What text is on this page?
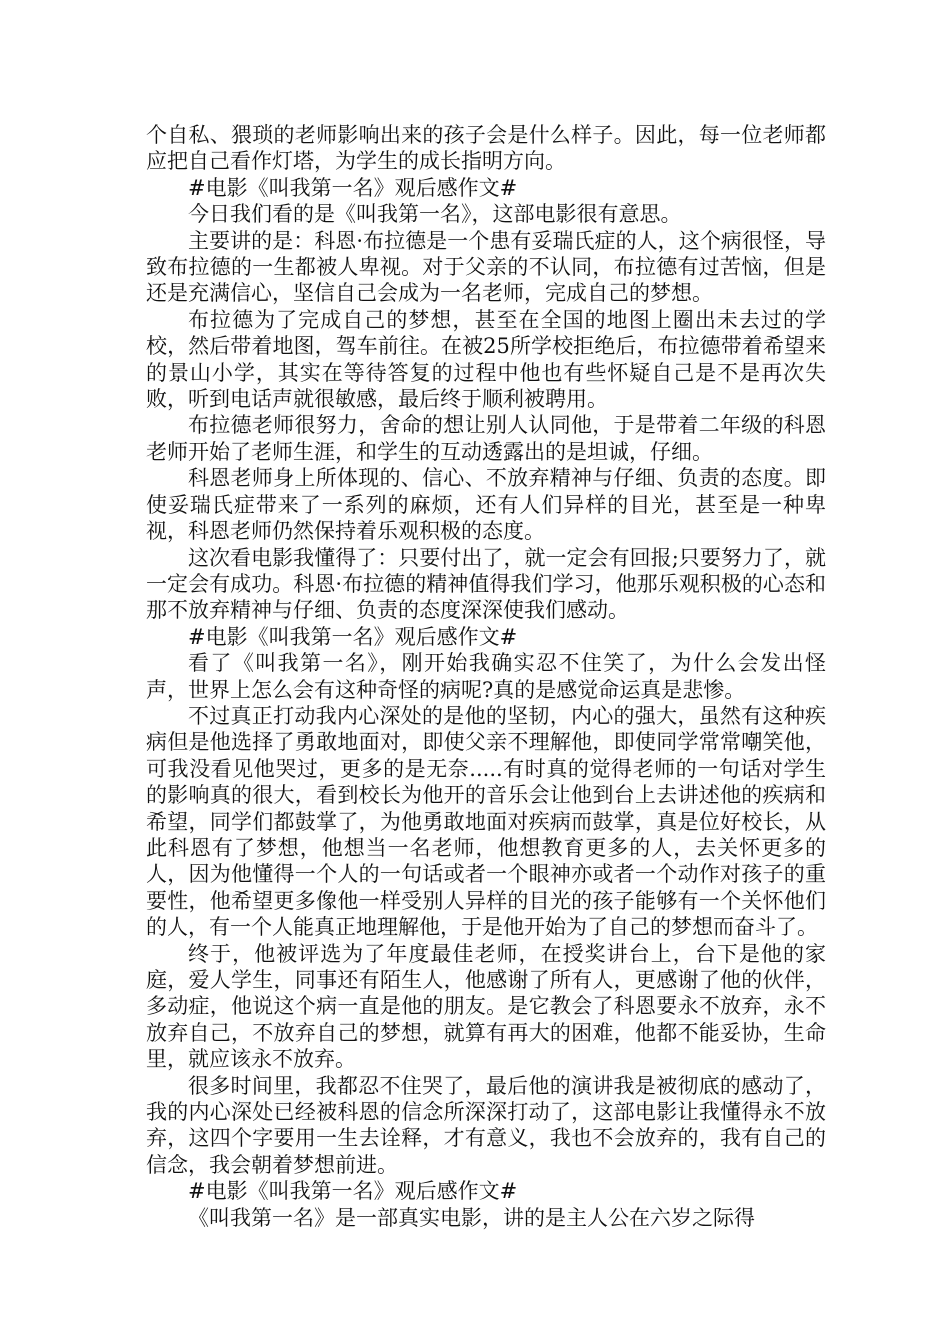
个自私、猥琐的老师影响出来的孩子会是什么样子。因此，每一位老师都应把自己看作灯塔，为学生的成长指明方向。

#电影《叫我第一名》观后感作文#

今日我们看的是《叫我第一名》，这部电影很有意思。

主要讲的是：科恩·布拉德是一个患有妥瑞氏症的人，这个病很怪，导致布拉德的一生都被人卑视。对于父亲的不认同，布拉德有过苦恼，但是还是充满信心，坚信自己会成为一名老师，完成自己的梦想。

布拉德为了完成自己的梦想，甚至在全国的地图上圈出未去过的学校，然后带着地图，驾车前往。在被25所学校拒绝后，布拉德带着希望来的景山小学，其实在等待答复的过程中他也有些怀疑自己是不是再次失败，听到电话声就很敏感，最后终于顺利被聘用。

布拉德老师很努力，舍命的想让别人认同他，于是带着二年级的科恩老师开始了老师生涯，和学生的互动透露出的是坦诚，仔细。

科恩老师身上所体现的、信心、不放弃精神与仔细、负责的态度。即使妥瑞氏症带来了一系列的麻烦，还有人们异样的目光，甚至是一种卑视，科恩老师仍然保持着乐观积极的态度。

这次看电影我懂得了：只要付出了，就一定会有回报;只要努力了，就一定会有成功。科恩·布拉德的精神值得我们学习，他那乐观积极的心态和那不放弃精神与仔细、负责的态度深深使我们感动。

#电影《叫我第一名》观后感作文#

看了《叫我第一名》，刚开始我确实忍不住笑了，为什么会发出怪声，世界上怎么会有这种奇怪的病呢?真的是感觉命运真是悲惨。

不过真正打动我内心深处的是他的坚韧，内心的强大，虽然有这种疾病但是他选择了勇敢地面对，即使父亲不理解他，即使同学常常嘲笑他，可我没看见他哭过，更多的是无奈.....有时真的觉得老师的一句话对学生的影响真的很大，看到校长为他开的音乐会让他到台上去讲述他的疾病和希望，同学们都鼓掌了，为他勇敢地面对疾病而鼓掌，真是位好校长，从此科恩有了梦想，他想当一名老师，他想教育更多的人，去关怀更多的人，因为他懂得一个人的一句话或者一个眼神亦或者一个动作对孩子的重要性，他希望更多像他一样受别人异样的目光的孩子能够有一个关怀他们的人，有一个人能真正地理解他，于是他开始为了自己的梦想而奋斗了。

终于，他被评选为了年度最佳老师，在授奖讲台上，台下是他的家庭，爱人学生，同事还有陌生人，他感谢了所有人，更感谢了他的伙伴，多动症，他说这个病一直是他的朋友。是它教会了科恩要永不放弃，永不放弃自己，不放弃自己的梦想，就算有再大的困难，他都不能妥协，生命里，就应该永不放弃。

很多时间里，我都忍不住哭了，最后他的演讲我是被彻底的感动了，我的内心深处已经被科恩的信念所深深打动了，这部电影让我懂得永不放弃，这四个字要用一生去诠释，才有意义，我也不会放弃的，我有自己的信念，我会朝着梦想前进。

#电影《叫我第一名》观后感作文#

《叫我第一名》是一部真实电影，讲的是主人公在六岁之际得
